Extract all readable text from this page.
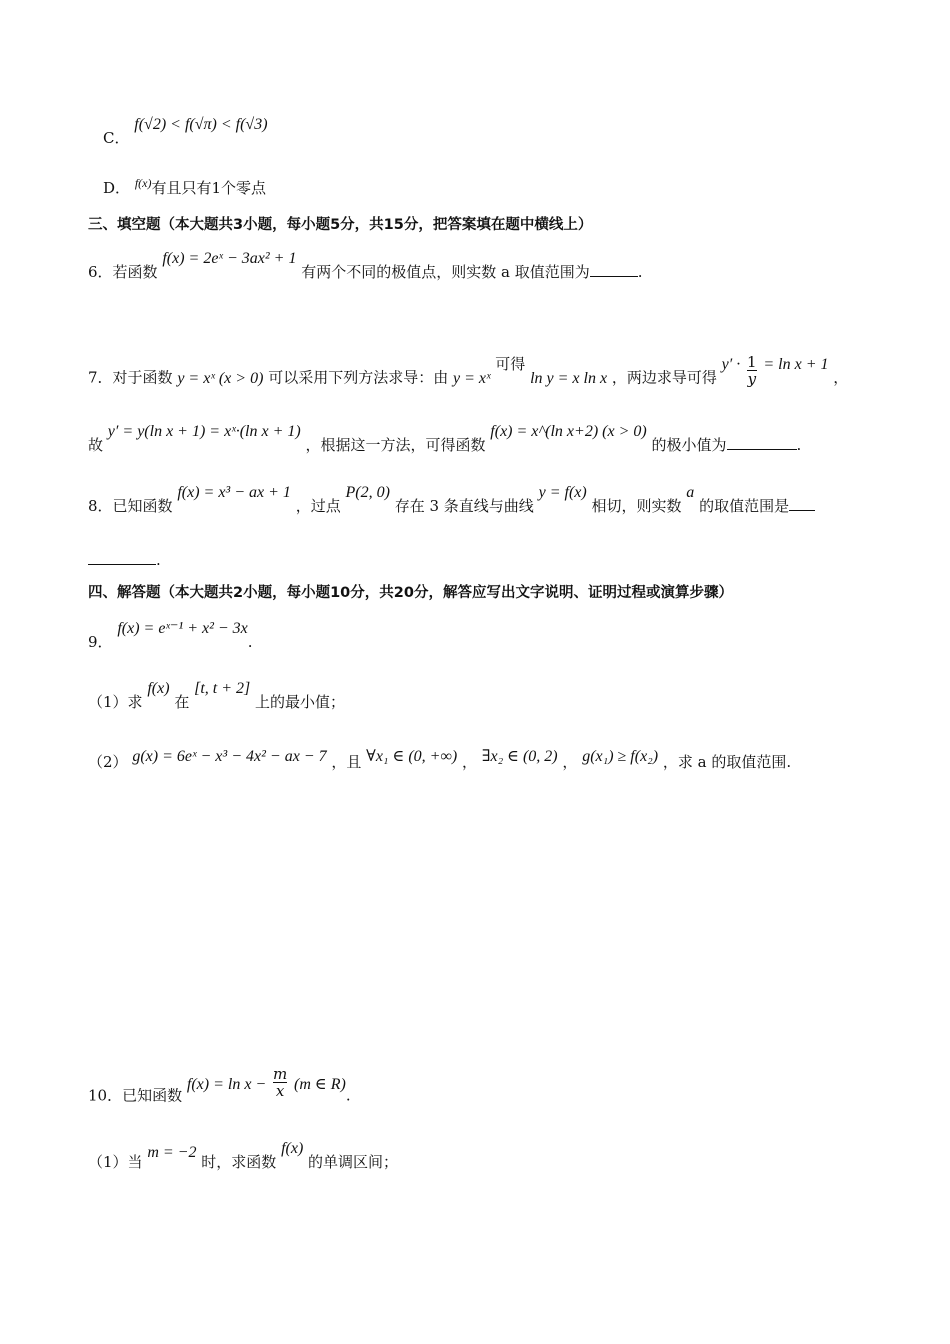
C． f(√2) < f(√π) < f(√3)
D． f(x)有且只有1个零点
三、填空题（本大题共3小题，每小题5分，共15分，把答案填在题中横线上）
6．若函数 f(x) = 2eˣ − 3ax² + 1 有两个不同的极值点，则实数 a 取值范围为	.
7．对于函数 y = xˣ (x > 0) 可以采用下列方法求导：由 y = xˣ 可得 ln y = x ln x ，两边求导可得 $y' \cdot \frac{1}{y} = \ln x + 1$ ，
故 y′ = y(ln x + 1) = xˣ·(ln x + 1) ，根据这一方法，可得函数 f(x) = x^(ln x+2) (x > 0) 的极小值为	.
8．已知函数 f(x) = x³ − ax + 1 ，过点 P(2, 0) 存在 3 条直线与曲线 y = f(x) 相切，则实数 a 的取值范围是
.
四、解答题（本大题共2小题，每小题10分，共20分，解答应写出文字说明、证明过程或演算步骤）
9． f(x) = eˣ⁻¹ + x² − 3x.
（1）求 f(x) 在 [t, t + 2] 上的最小值；
（2） g(x) = 6eˣ − x³ − 4x² − ax − 7 ，且 ∀x₁ ∈ (0, +∞) ， ∃x₂ ∈ (0, 2) ， g(x₁) ≥ f(x₂) ，求 a 的取值范围.
10．已知函数 $f(x) = \ln x - \frac{m}{x} (m$ ∈ R).
（1）当 m = −2 时，求函数 f(x) 的单调区间；
